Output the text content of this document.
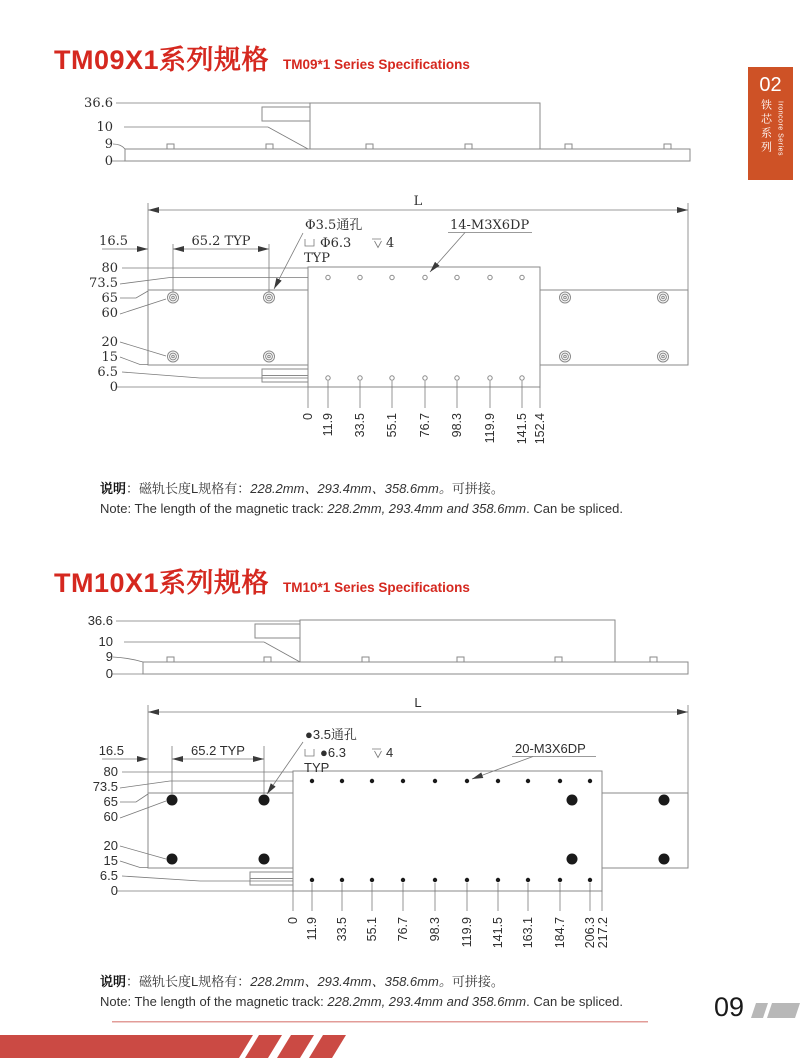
TM09X1系列规格 TM09*1 Series Specifications
02
铁芯系列 Ironcore Series
36.6
10
9
0
L
16.5	65.2 TYP
Φ3.5通孔
Φ6.3	4
TYP
14-M3X6DP
80
73.5
65
60
20
15
6.5
0
0 11.9 33.5 55.1 76.7 98.3 119.9 141.5 152.4
说明：磁轨长度L规格有：228.2mm、293.4mm、358.6mm。可拼接。
Note: The length of the magnetic track: 228.2mm, 293.4mm and 358.6mm. Can be spliced.
TM10X1系列规格 TM10*1 Series Specifications
36.6
10
9
0
L
16.5	65.2 TYP
●3.5通孔
●6.3	4
TYP
20-M3X6DP
80
73.5
65
60
20
15
6.5
0
0 11.9 33.5 55.1 76.7 98.3 119.9 141.5 163.1 184.7 206.3 217.2
说明：磁轨长度L规格有：228.2mm、293.4mm、358.6mm。可拼接。
Note: The length of the magnetic track: 228.2mm, 293.4mm and 358.6mm. Can be spliced.	09
